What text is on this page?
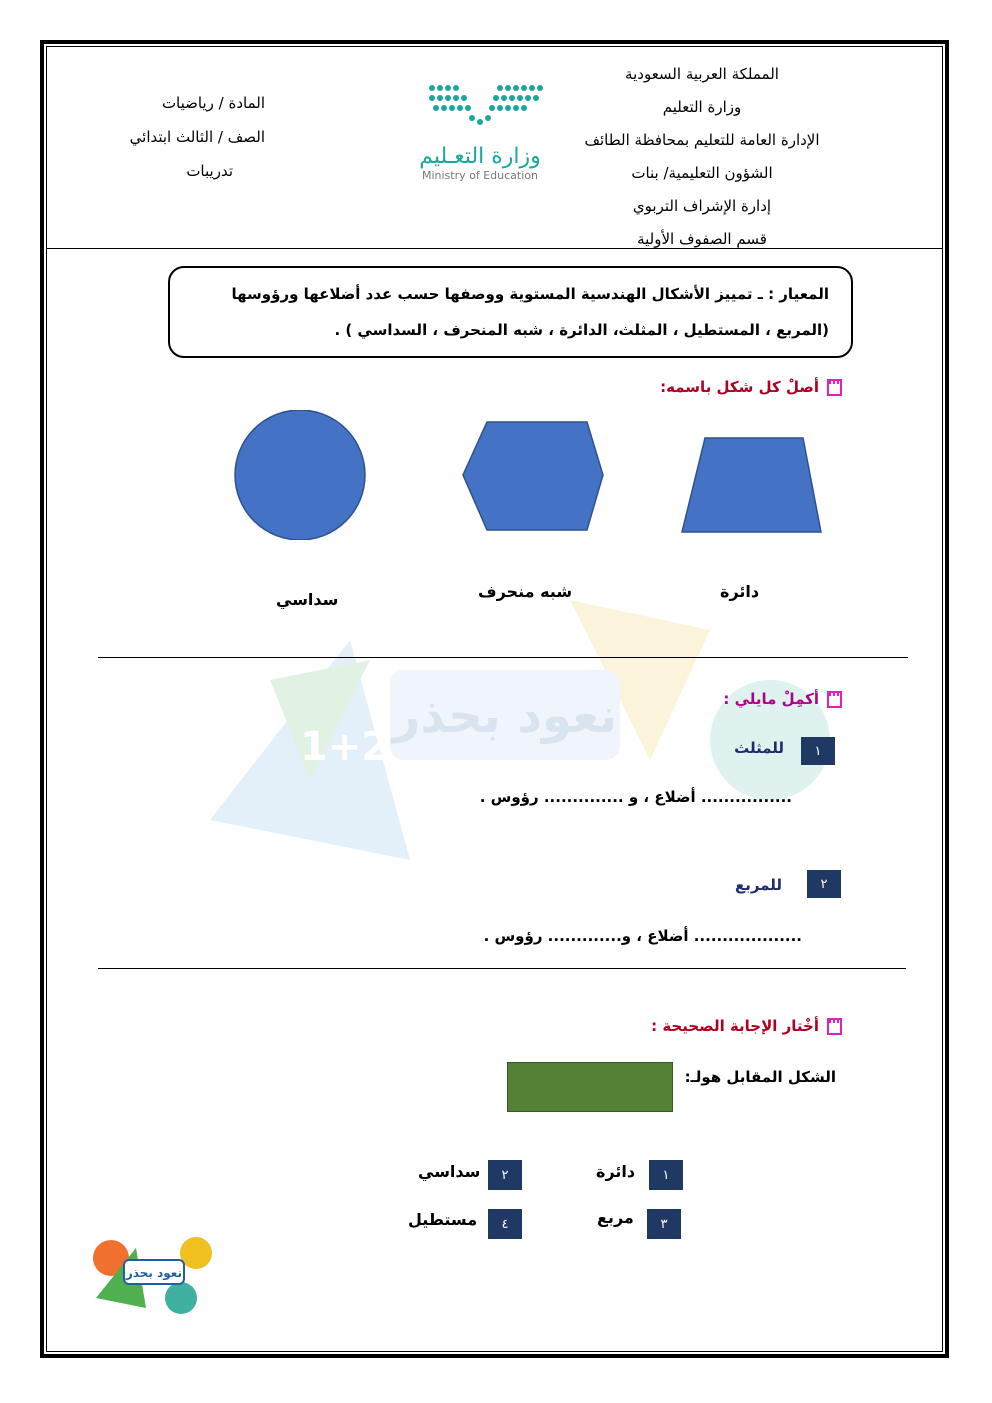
نعود بحذر
1+2
المملكة العربية السعودية
وزارة التعليم
الإدارة العامة للتعليم بمحافظة الطائف
الشؤون التعليمية/ بنات
إدارة الإشراف التربوي
قسم الصفوف الأولية
وزارة التعـليم
Ministry of Education
المادة / رياضيات
الصف / الثالث ابتدائي
تدريبات
المعيار : ـ تمييز الأشكال الهندسية المستوية ووصفها حسب عدد أضلاعها ورؤوسها
(المربع ، المستطيل ، المثلث، الدائرة ، شبه المنحرف ، السداسي ) .
أصلْ كل شكل باسمه:
دائرة
شبه منحرف
سداسي
أكمِلْ مايلي :
١
للمثلث
................ أضلاع ، و .............. رؤوس .
٢
للمربع
................... أضلاع ، و............. رؤوس .
أخْتار الإجابة الصحيحة :
الشكل المقابل هولـ:
١
دائرة
٢
سداسي
٣
مربع
٤
مستطيل
نعود بحذر
